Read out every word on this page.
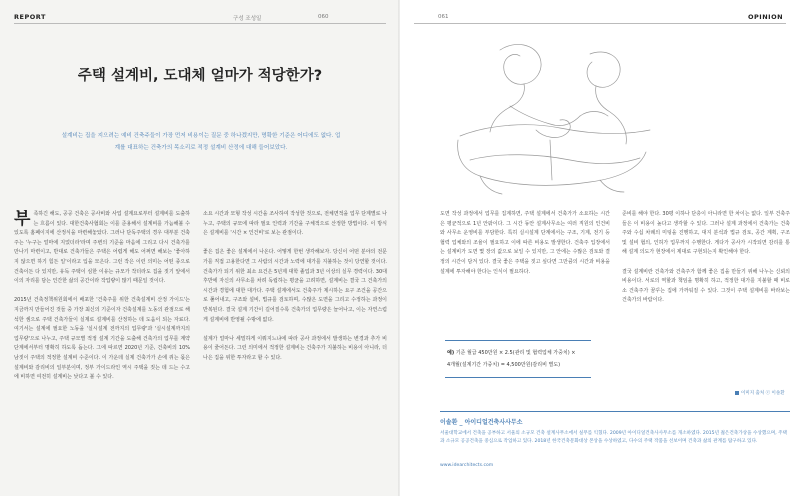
REPORT	구성 조성일	060
주택 설계비, 도대체 얼마가 적당한가?

설계비는 집을 지으려는 예비 건축주들이 가장 먼저 비용이는 질문 중 하나겠지만, 명확한 기준은 어디에도 없다. 업계를 대표하는 건축가의 목소리로 적정 설계비 산정에 대해 들어보았다.

부 족하긴 해도, 공공 건축은 공사비와 사업 설계요로부터 설계비를 도출하는 흐름이 있다. 대한건축사협회는 이를 준용해서 설계비를 가늠해볼 수 있도록 홈페이지에 산정식을 마련해놓았다. 그러나 단독주택의 경우 대부분 건축주는 '누구는 얼마에 지었더라'라며 주변의 기준을 마음에 그리고 다시 건축가를 만나기 마련이고, 반대로 건축가들은 주택은 어렵게 해도 어쩌면 해보는 '좋아하지 않으면 하기 힘든 일'이라고 입을 모은다. 그런 작은 이런 의미는 어떤 종으로 건축이든 다 있지만, 유독 주택이 심한 이유는 규모가 작더라도 집을 짓기 앞에서 이의 자리를 담는 인간한 삶의 공간이라 작업량이 많기 때문일 것이다.

2015년 건축정책위원회에서 배포한 '건축주를 위한 건축설계비 산정 가이드'는 지금까지 만들어진 것들 중 가장 최신의 기준이자 건축설계를 노동의 관점으로 해석한 셈으로 주택 건축가들이 실제로 설계비를 산정하는 데 도움이 되는 자료다. 여기서는 설계에 필요한 노동을 '실시설계 전까지의 업무량'과 '실시설계까지의 업무량'으로 나누고, 주택 규모별 적정 설계 기간을 도출해 건축가의 업무를 계약 단계에서부터 명확히 하도록 돕는다. 그에 따르면 2020년 기준, 건축비의 10% 남짓이 주택의 적정한 설계비 수준이다. 이 가운데 실제 건축가가 손에 쥐는 몫은 설계비와 감리비의 일부분이며, 정부 가이드라인 역시 주택을 짓는 데 드는 수고에 비하면 여전히 설계비는 낮다고 볼 수 있다.

소요 시간과 모형 작성 시간을 조사하여 작성한 것으로, 전체면적을 업무 단계별로 나누고, 주택의 규모에 따라 필요 인력과 기간을 구체적으로 산정한 방법이다. 이 방식은 설계비를 '시간 × 인건비'로 보는 관점이다.

좋은 집은 좋은 설계에서 나온다. 어떻게 한번 생각해보자. 당신이 어떤 분야의 전문가를 직접 고용한다면 그 사람의 시간과 노력에 대가를 지불하는 것이 당연할 것이다. 건축가가 되기 위한 최소 요건은 5년제 대학 졸업과 3년 이상의 실무 경력이다. 30대 후반에 자신의 사무소를 차려 독립하는 평균을 고려하면, 설계비는 결국 그 건축가의 시간과 경험에 대한 대가다. 주택 설계에서도 건축주가 제시하는 요구 조건을 공간으로 풀어내고, 구조와 설비, 법규를 검토하며, 수많은 도면을 그리고 수정하는 과정이 반복된다. 결국 설계 기간이 길어질수록 건축가의 업무량은 늘어나고, 이는 자연스럽게 설계비에 반영될 수밖에 없다.

설계가 얼마나 세밀하게 이뤄지느냐에 따라 공사 과정에서 발생하는 변경과 추가 비용이 줄어든다. 그런 의미에서 적정한 설계비는 건축주가 지불하는 비용이 아니라, 더 나은 집을 위한 투자라고 할 수 있다.

061	OPINION

도면 작성 과정에서 업무를 집계하면, 주택 설계에서 건축가가 소요하는 시간은 평균적으로 1년 안팎이다. 그 시간 동안 설계사무소는 여러 직원의 인건비와 사무소 운영비를 부담한다. 특히 실시설계 단계에서는 구조, 기계, 전기 등 협력 업체와의 조율이 필요하고 이에 따른 비용도 발생한다. 건축주 입장에서는 설계비가 도면 몇 장의 값으로 보일 수 있지만, 그 안에는 수많은 검토와 결정의 시간이 담겨 있다. 결국 좋은 주택을 짓고 싶다면 그만큼의 시간과 비용을 설계에 투자해야 한다는 인식이 필요하다.

준비를 해야 한다. 30평 이하나 단층이 아니라면 한 차이는 없다. 일부 건축주들은 이 비용이 높다고 생각할 수 있다. 그러나 설계 과정에서 건축가는 건축주와 수십 차례의 미팅을 진행하고, 대지 분석과 법규 검토, 공간 계획, 구조 및 설비 협의, 인허가 업무까지 수행한다. 게다가 공사가 시작되면 감리를 통해 설계 의도가 현장에서 제대로 구현되는지 확인해야 한다.

결국 설계비란 건축가와 건축주가 함께 좋은 집을 만들기 위해 나누는 신뢰의 비용이다. 서로의 역할과 책임을 명확히 하고, 적정한 대가를 지불할 때 비로소 건축주가 꿈꾸는 집에 가까워질 수 있다. 그것이 주택 설계비를 바라보는 건축가의 바람이다.

예) 기준 월급 450만원 × 2.5(관리 및 협력업체 가중치) ×
4개월(설계기간 가중치) = 4,500만원(감리비 별도)
이미지 출처 ⓒ 이솔환
이솔환 _ 아이디얼건축사사무소

서울대학교에서 건축을 공부하고 서울의 소규모 건축 설계사무소에서 실무를 익혔다. 2009년 아이디얼건축사사무소를 개소하였다. 2015년 젊은건축가상을 수상했으며, 주택과 소규모 공공건축을 중심으로 작업하고 있다. 2018년 한국건축문화대상 본상을 수상하였고, 다수의 주택 작품을 선보이며 건축과 삶의 관계를 탐구하고 있다.

www.idearchitects.com
